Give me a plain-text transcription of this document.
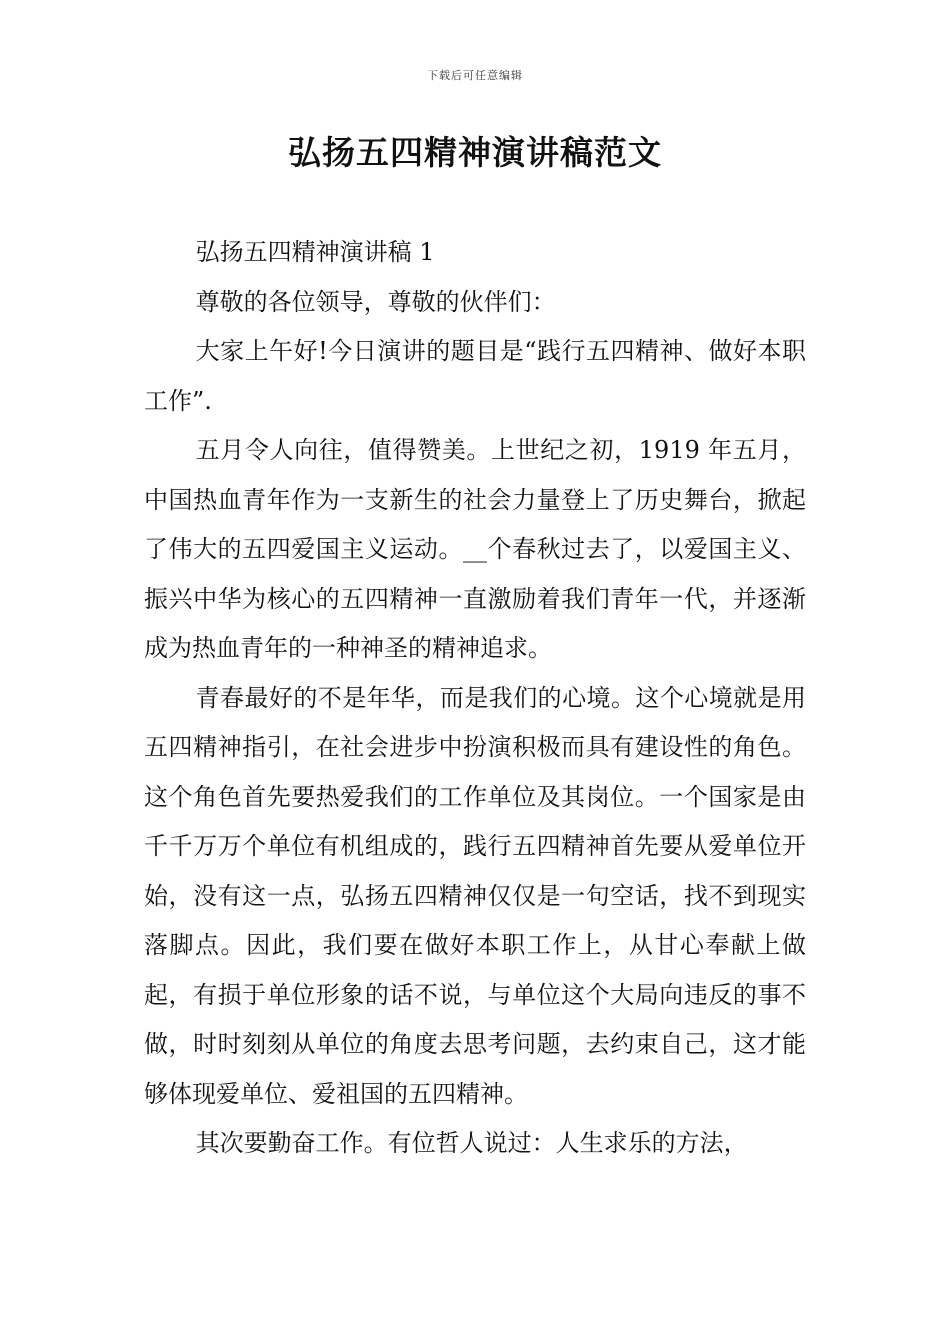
下载后可任意编辑
弘扬五四精神演讲稿范文

弘扬五四精神演讲稿 1

尊敬的各位领导，尊敬的伙伴们：

大家上午好!今日演讲的题目是“践行五四精神、做好本职工作”.

五月令人向往，值得赞美。上世纪之初，1919 年五月，中国热血青年作为一支新生的社会力量登上了历史舞台，掀起了伟大的五四爱国主义运动。__个春秋过去了，以爱国主义、振兴中华为核心的五四精神一直激励着我们青年一代，并逐渐成为热血青年的一种神圣的精神追求。

青春最好的不是年华，而是我们的心境。这个心境就是用五四精神指引，在社会进步中扮演积极而具有建设性的角色。这个角色首先要热爱我们的工作单位及其岗位。一个国家是由千千万万个单位有机组成的，践行五四精神首先要从爱单位开始，没有这一点，弘扬五四精神仅仅是一句空话，找不到现实落脚点。因此，我们要在做好本职工作上，从甘心奉献上做起，有损于单位形象的话不说，与单位这个大局向违反的事不做，时时刻刻从单位的角度去思考问题，去约束自己，这才能够体现爱单位、爱祖国的五四精神。

其次要勤奋工作。有位哲人说过：人生求乐的方法，
